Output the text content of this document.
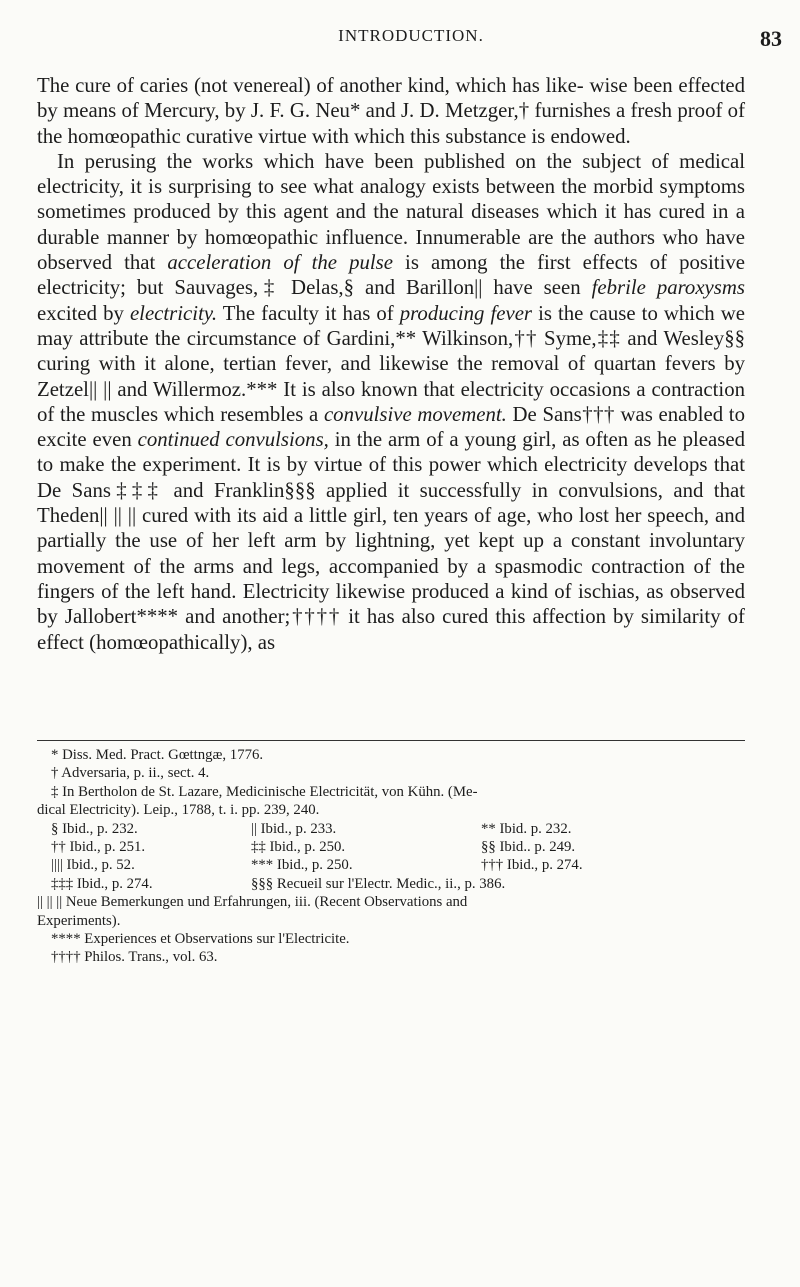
INTRODUCTION.	83

The cure of caries (not venereal) of another kind, which has like- wise been effected by means of Mercury, by J. F. G. Neu* and J. D. Metzger,† furnishes a fresh proof of the homœopathic curative virtue with which this substance is endowed.

In perusing the works which have been published on the subject of medical electricity, it is surprising to see what analogy exists between the morbid symptoms sometimes produced by this agent and the natural diseases which it has cured in a durable manner by homœopathic influence. Innumerable are the authors who have observed that acceleration of the pulse is among the first effects of positive electricity; but Sauvages,‡ Delas,§ and Barillon|| have seen febrile paroxysms excited by electricity. The faculty it has of producing fever is the cause to which we may attribute the circumstance of Gardini,** Wilkinson,†† Syme,‡‡ and Wesley§§ curing with it alone, tertian fever, and likewise the removal of quartan fevers by Zetzel|| || and Willermoz.*** It is also known that electricity occasions a contraction of the muscles which resembles a convulsive movement. De Sans††† was enabled to excite even continued convulsions, in the arm of a young girl, as often as he pleased to make the experiment. It is by virtue of this power which electricity develops that De Sans‡‡‡ and Franklin§§§ applied it successfully in convulsions, and that Theden|| || || cured with its aid a little girl, ten years of age, who lost her speech, and partially the use of her left arm by lightning, yet kept up a constant involuntary movement of the arms and legs, accompanied by a spasmodic contraction of the fingers of the left hand. Electricity likewise produced a kind of ischias, as observed by Jallobert**** and another;†††† it has also cured this affection by similarity of effect (homœopathically), as

* Diss. Med. Pract. Gœttngæ, 1776.

† Adversaria, p. ii., sect. 4.

‡ In Bertholon de St. Lazare, Medicinische Electricität, von Kühn. (Me-

dical Electricity). Leip., 1788, t. i. pp. 239, 240.

§ Ibid., p. 232.	|| Ibid., p. 233.	** Ibid. p. 232.
†† Ibid., p. 251.	‡‡ Ibid., p. 250.	§§ Ibid.. p. 249.
|||| Ibid., p. 52.	*** Ibid., p. 250.	††† Ibid., p. 274.
‡‡‡ Ibid., p. 274.	§§§ Recueil sur l'Electr. Medic., ii., p. 386.

|| || || Neue Bemerkungen und Erfahrungen, iii. (Recent Observations and

Experiments).

**** Experiences et Observations sur l'Electricite.

†††† Philos. Trans., vol. 63.
